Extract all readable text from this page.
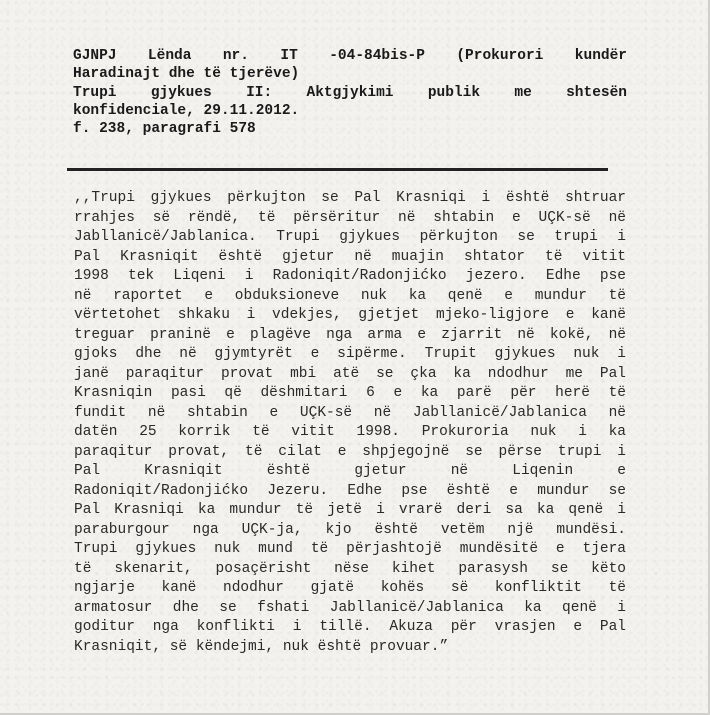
GJNPJ Lënda nr. IT -04-84bis-P (Prokurori kundër
Haradinajt dhe të tjerëve)
Trupi gjykues II: Aktgjykimi publik me shtesën
konfidenciale, 29.11.2012.
f. 238, paragrafi 578
,,Trupi gjykues përkujton se Pal Krasniqi i është shtruar
rrahjes së rëndë, të përsëritur në shtabin e UÇK-së në
Jabllanicë/Jablanica. Trupi gjykues përkujton se trupi i
Pal Krasniqit është gjetur në muajin shtator të vitit
1998 tek Liqeni i Radoniqit/Radonjićko jezero. Edhe pse
në raportet e obduksioneve nuk ka qenë e mundur të
vërtetohet shkaku i vdekjes, gjetjet mjeko-ligjore e kanë
treguar praninë e plagëve nga arma e zjarrit në kokë, në
gjoks dhe në gjymtyrët e sipërme. Trupit gjykues nuk i
janë paraqitur provat mbi atë se çka ka ndodhur me Pal
Krasniqin pasi që dëshmitari 6 e ka parë për herë të
fundit në shtabin e UÇK-së në Jabllanicë/Jablanica në
datën 25 korrik të vitit 1998. Prokuroria nuk i ka
paraqitur provat, të cilat e shpjegojnë se përse trupi i
Pal Krasniqit është gjetur në Liqenin e
Radoniqit/Radonjićko Jezeru. Edhe pse është e mundur se
Pal Krasniqi ka mundur të jetë i vrarë deri sa ka qenë i
paraburgour nga UÇK-ja, kjo është vetëm një mundësi.
Trupi gjykues nuk mund të përjashtojë mundësitë e tjera
të skenarit, posaçërisht nëse kihet parasysh se këto
ngjarje kanë ndodhur gjatë kohës së konfliktit të
armatosur dhe se fshati Jabllanicë/Jablanica ka qenë i
goditur nga konflikti i tillë. Akuza për vrasjen e Pal
Krasniqit, së këndejmi, nuk është provuar.”
